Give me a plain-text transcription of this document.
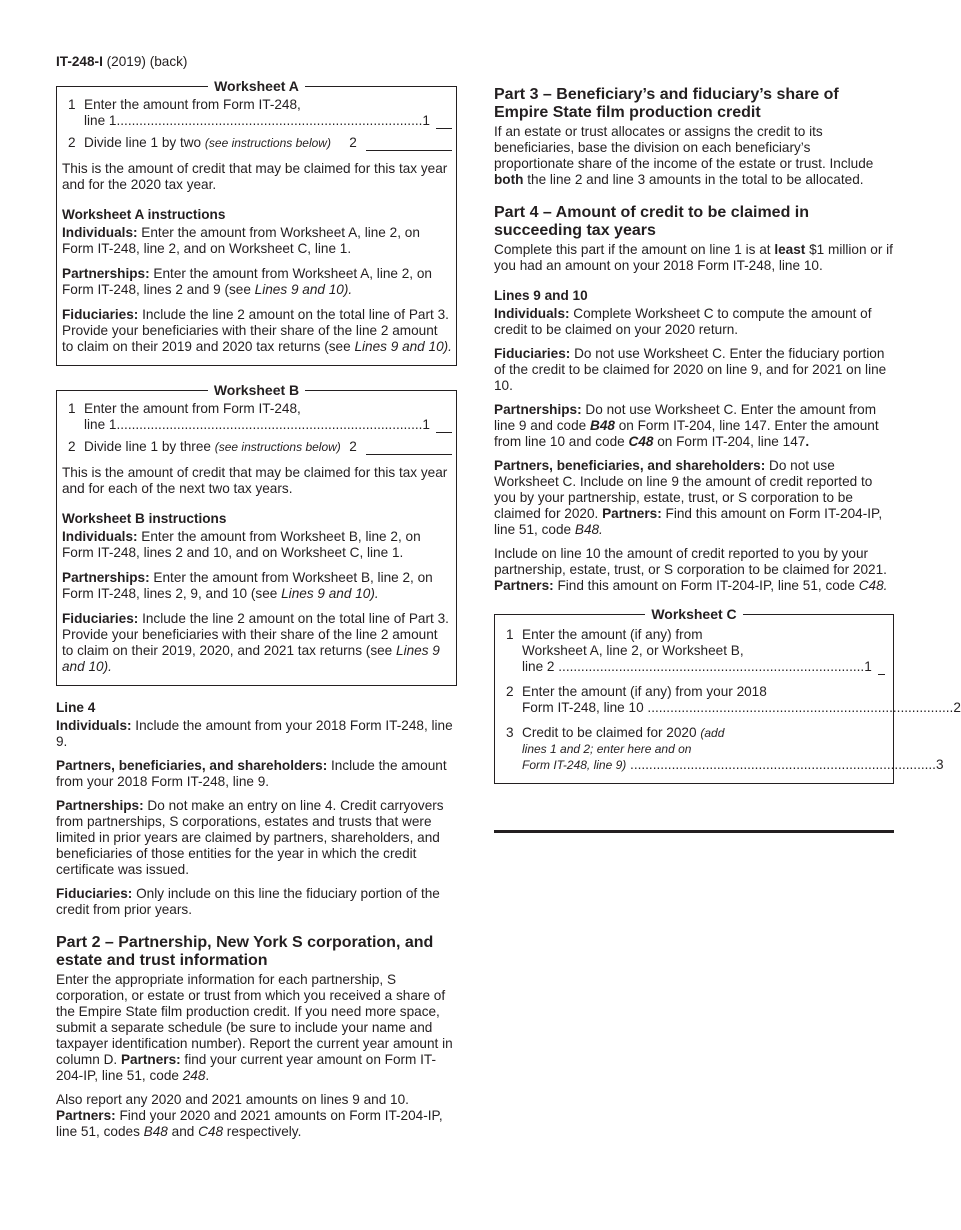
IT-248-I (2019) (back)
Worksheet A
1 Enter the amount from Form IT-248,
line 1................................................................................. 1
2 Divide line 1 by two (see instructions below)	2

This is the amount of credit that may be claimed for this tax year and for the 2020 tax year.

Worksheet A instructions

Individuals: Enter the amount from Worksheet A, line 2, on Form IT-248, line 2, and on Worksheet C, line 1.

Partnerships: Enter the amount from Worksheet A, line 2, on Form IT-248, lines 2 and 9 (see Lines 9 and 10).

Fiduciaries: Include the line 2 amount on the total line of Part 3. Provide your beneficiaries with their share of the line 2 amount to claim on their 2019 and 2020 tax returns (see Lines 9 and 10).

Worksheet B
1 Enter the amount from Form IT-248,
line 1................................................................................. 1
2 Divide line 1 by three (see instructions below) 2

This is the amount of credit that may be claimed for this tax year and for each of the next two tax years.

Worksheet B instructions

Individuals: Enter the amount from Worksheet B, line 2, on Form IT-248, lines 2 and 10, and on Worksheet C, line 1.

Partnerships: Enter the amount from Worksheet B, line 2, on Form IT-248, lines 2, 9, and 10 (see Lines 9 and 10).

Fiduciaries: Include the line 2 amount on the total line of Part 3. Provide your beneficiaries with their share of the line 2 amount to claim on their 2019, 2020, and 2021 tax returns (see Lines 9 and 10).

Line 4

Individuals: Include the amount from your 2018 Form IT-248, line 9.

Partners, beneficiaries, and shareholders: Include the amount from your 2018 Form IT-248, line 9.

Partnerships: Do not make an entry on line 4. Credit carryovers from partnerships, S corporations, estates and trusts that were limited in prior years are claimed by partners, shareholders, and beneficiaries of those entities for the year in which the credit certificate was issued.

Fiduciaries: Only include on this line the fiduciary portion of the credit from prior years.

Part 2 – Partnership, New York S corporation, and estate and trust information

Enter the appropriate information for each partnership, S corporation, or estate or trust from which you received a share of the Empire State film production credit. If you need more space, submit a separate schedule (be sure to include your name and taxpayer identification number). Report the current year amount in column D. Partners: find your current year amount on Form IT-204-IP, line 51, code 248.

Also report any 2020 and 2021 amounts on lines 9 and 10.
Partners: Find your 2020 and 2021 amounts on Form IT-204-IP, line 51, codes B48 and C48 respectively.

Part 3 – Beneficiary’s and fiduciary’s share of Empire State film production credit

If an estate or trust allocates or assigns the credit to its beneficiaries, base the division on each beneficiary’s proportionate share of the income of the estate or trust. Include both the line 2 and line 3 amounts in the total to be allocated.

Part 4 – Amount of credit to be claimed in succeeding tax years

Complete this part if the amount on line 1 is at least $1 million or if you had an amount on your 2018 Form IT-248, line 10.

Lines 9 and 10

Individuals: Complete Worksheet C to compute the amount of credit to be claimed on your 2020 return.

Fiduciaries: Do not use Worksheet C. Enter the fiduciary portion of the credit to be claimed for 2020 on line 9, and for 2021 on line 10.

Partnerships: Do not use Worksheet C. Enter the amount from line 9 and code B48 on Form IT-204, line 147. Enter the amount from line 10 and code C48 on Form IT-204, line 147.

Partners, beneficiaries, and shareholders: Do not use Worksheet C. Include on line 9 the amount of credit reported to you by your partnership, estate, trust, or S corporation to be claimed for 2020. Partners: Find this amount on Form IT-204-IP, line 51, code B48.

Include on line 10 the amount of credit reported to you by your partnership, estate, trust, or S corporation to be claimed for 2021. Partners: Find this amount on Form IT-204-IP, line 51, code C48.

Worksheet C
1 Enter the amount (if any) from
Worksheet A, line 2, or Worksheet B,
line 2 ................................................................................. 1
2 Enter the amount (if any) from your 2018
Form IT-248, line 10 ................................................................................. 2
3 Credit to be claimed for 2020 (add
lines 1 and 2; enter here and on
Form IT-248, line 9) ................................................................................. 3
